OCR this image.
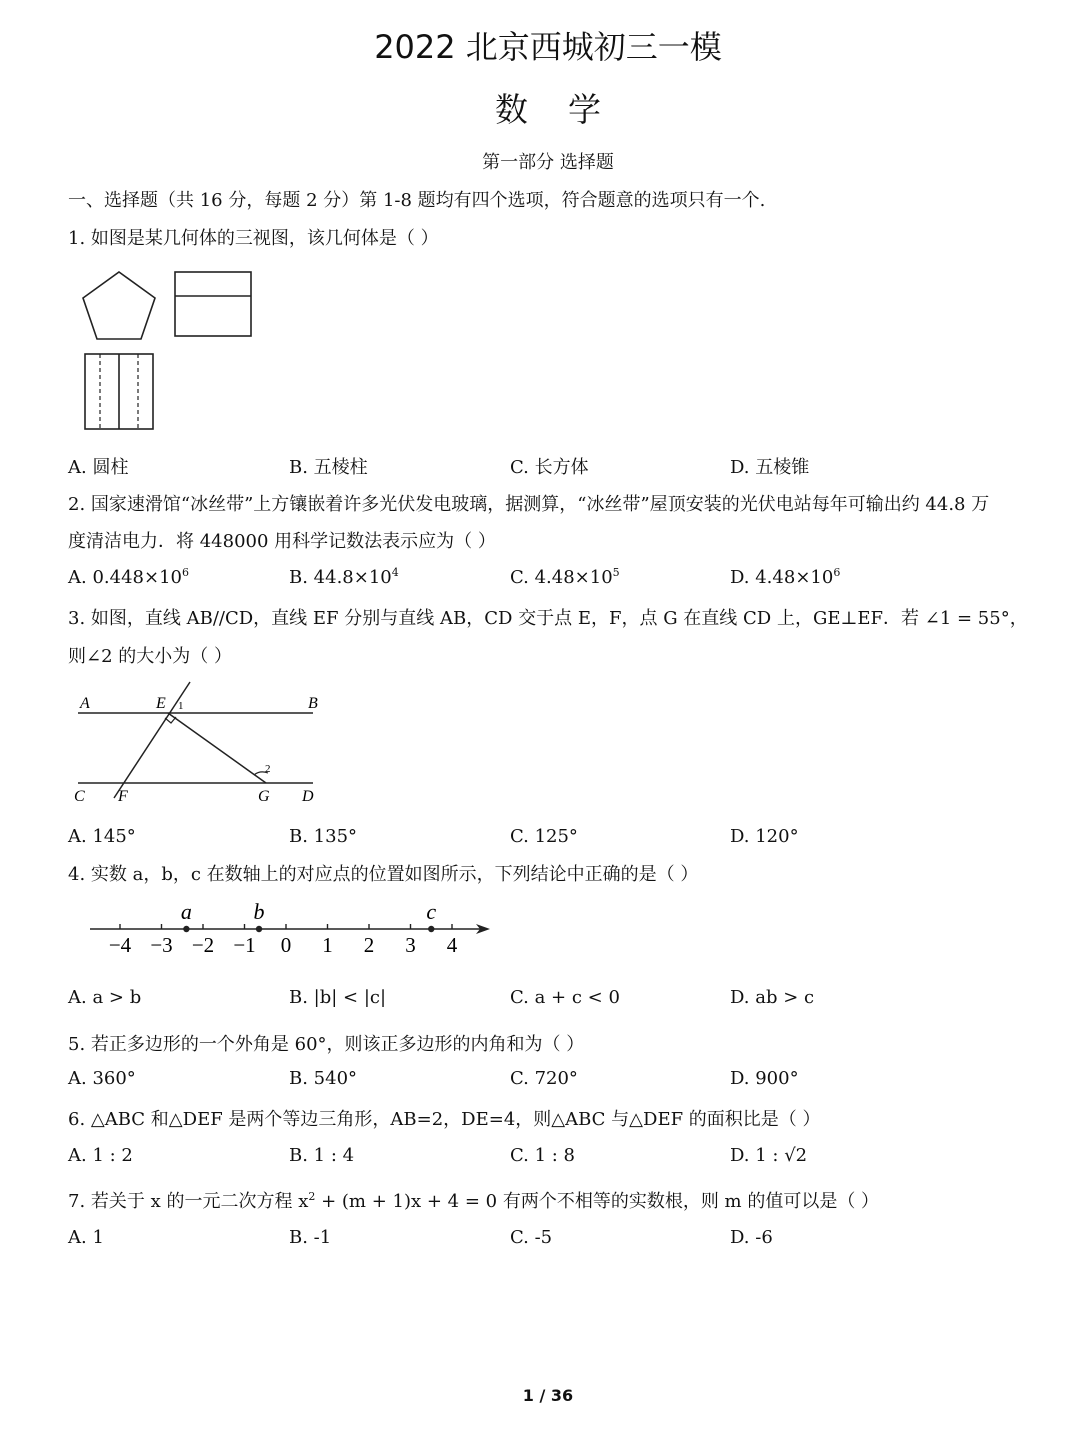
2022 北京西城初三一模
数学
第一部分 选择题
一、选择题（共 16 分，每题 2 分）第 1-8 题均有四个选项，符合题意的选项只有一个.
1. 如图是某几何体的三视图，该几何体是（ ）
A. 圆柱	B. 五棱柱	C. 长方体	D. 五棱锥
2. 国家速滑馆“冰丝带”上方镶嵌着许多光伏发电玻璃，据测算，“冰丝带”屋顶安装的光伏电站每年可输出约 44.8 万
度清洁电力．将 448000 用科学记数法表示应为（ ）
A. $0.448\times 10^6$	B. $44.8\times 10^4$	C. $4.48\times 10^5$	D. $4.48\times 10^6$
3. 如图，直线 AB//CD，直线 EF 分别与直线 AB，CD 交于点 E，F，点 G 在直线 CD 上，GE⊥EF．若 ∠1 = 55°，
则∠2 的大小为（ ）
A	B
C	D
E
F	G
1
2
A. 145°	B. 135°	C. 125°	D. 120°
4. 实数 a，b，c 在数轴上的对应点的位置如图所示，下列结论中正确的是（ ）
−4 −3 −2 −1 0 1 2 3 4
a	b	c
A. a > b	B. |b| < |c|	C. a + c < 0	D. ab > c
5. 若正多边形的一个外角是 60°，则该正多边形的内角和为（ ）
A. 360°	B. 540°	C. 720°	D. 900°
6. △ABC 和△DEF 是两个等边三角形，AB=2，DE=4，则△ABC 与△DEF 的面积比是（ ）
A. 1 : 2	B. 1 : 4	C. 1 : 8	D. 1 : √2
7. 若关于 x 的一元二次方程 $x^2 + (m + 1)x + 4 = 0$ 有两个不相等的实数根，则 m 的值可以是（ ）
A. 1	B. -1	C. -5	D. -6
1 / 36
